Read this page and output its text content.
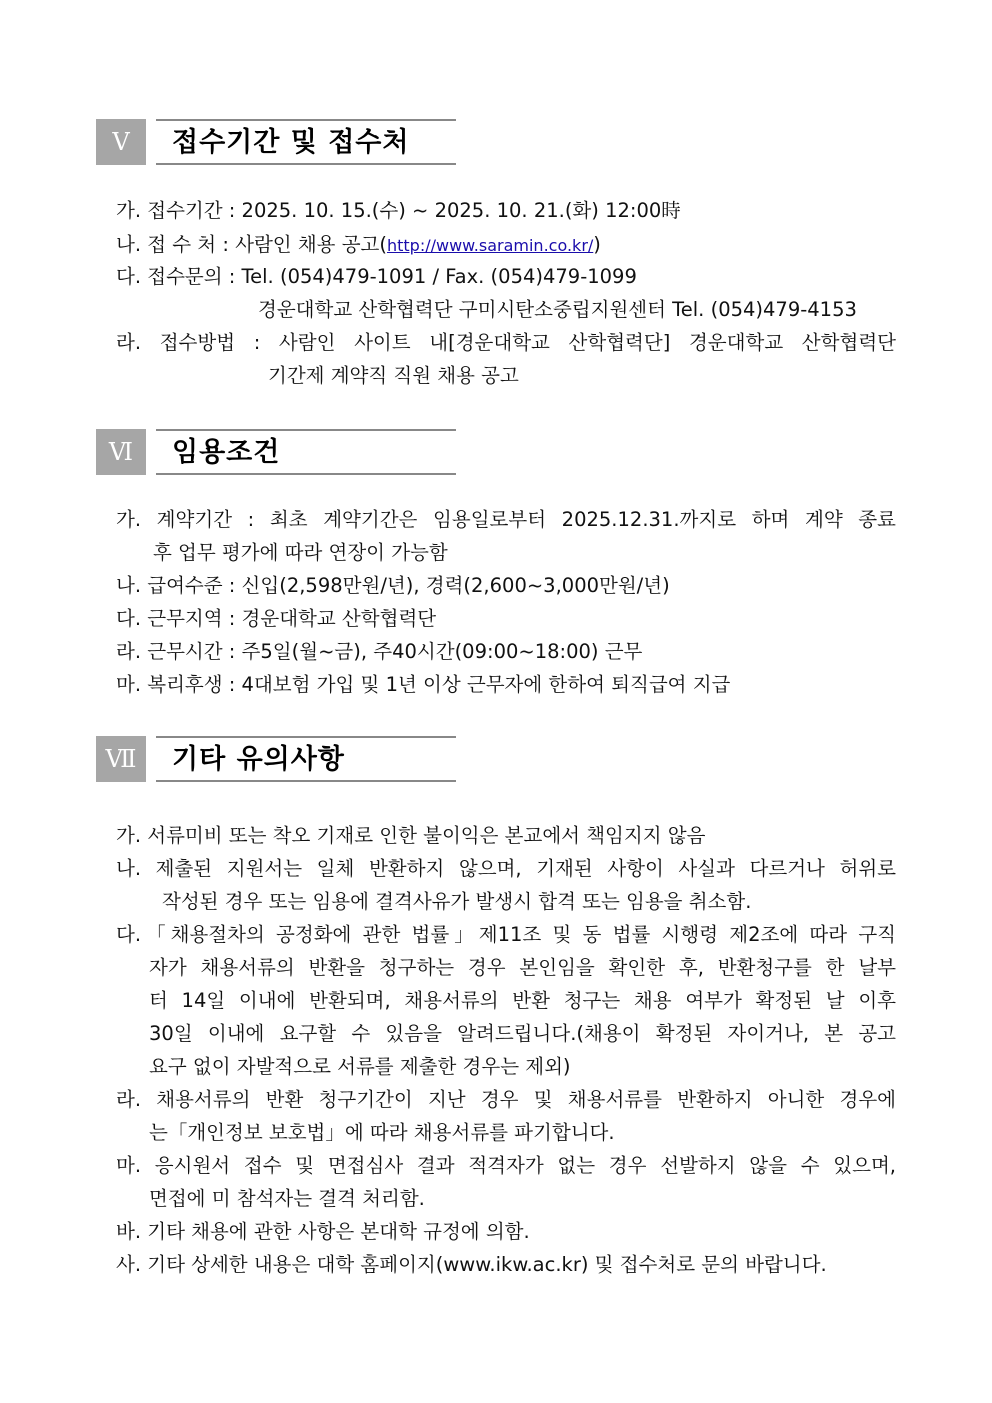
Ⅴ	접수기간 및 접수처
가. 접수기간 : 2025. 10. 15.(수) ~ 2025. 10. 21.(화) 12:00時
나. 접 수 처 : 사람인 채용 공고(http://www.saramin.co.kr/)
다. 접수문의 : Tel. (054)479-1091 / Fax. (054)479-1099
경운대학교 산학협력단 구미시탄소중립지원센터 Tel. (054)479-4153
라. 접수방법 : 사람인 사이트 내[경운대학교 산학협력단] 경운대학교 산학협력단
기간제 계약직 직원 채용 공고
Ⅵ	임용조건
가. 계약기간 : 최초 계약기간은 임용일로부터 2025.12.31.까지로 하며 계약 종료
후 업무 평가에 따라 연장이 가능함
나. 급여수준 : 신입(2,598만원/년), 경력(2,600~3,000만원/년)
다. 근무지역 : 경운대학교 산학협력단
라. 근무시간 : 주5일(월~금), 주40시간(09:00~18:00) 근무
마. 복리후생 : 4대보험 가입 및 1년 이상 근무자에 한하여 퇴직급여 지급
Ⅶ	기타 유의사항
가. 서류미비 또는 착오 기재로 인한 불이익은 본교에서 책임지지 않음
나. 제출된 지원서는 일체 반환하지 않으며, 기재된 사항이 사실과 다르거나 허위로
작성된 경우 또는 임용에 결격사유가 발생시 합격 또는 임용을 취소함.
다.「채용절차의 공정화에 관한 법률」제11조 및 동 법률 시행령 제2조에 따라 구직
자가 채용서류의 반환을 청구하는 경우 본인임을 확인한 후, 반환청구를 한 날부
터 14일 이내에 반환되며, 채용서류의 반환 청구는 채용 여부가 확정된 날 이후
30일 이내에 요구할 수 있음을 알려드립니다.(채용이 확정된 자이거나, 본 공고
요구 없이 자발적으로 서류를 제출한 경우는 제외)
라. 채용서류의 반환 청구기간이 지난 경우 및 채용서류를 반환하지 아니한 경우에
는「개인정보 보호법」에 따라 채용서류를 파기합니다.
마. 응시원서 접수 및 면접심사 결과 적격자가 없는 경우 선발하지 않을 수 있으며,
면접에 미 참석자는 결격 처리함.
바. 기타 채용에 관한 사항은 본대학 규정에 의함.
사. 기타 상세한 내용은 대학 홈페이지(www.ikw.ac.kr) 및 접수처로 문의 바랍니다.
